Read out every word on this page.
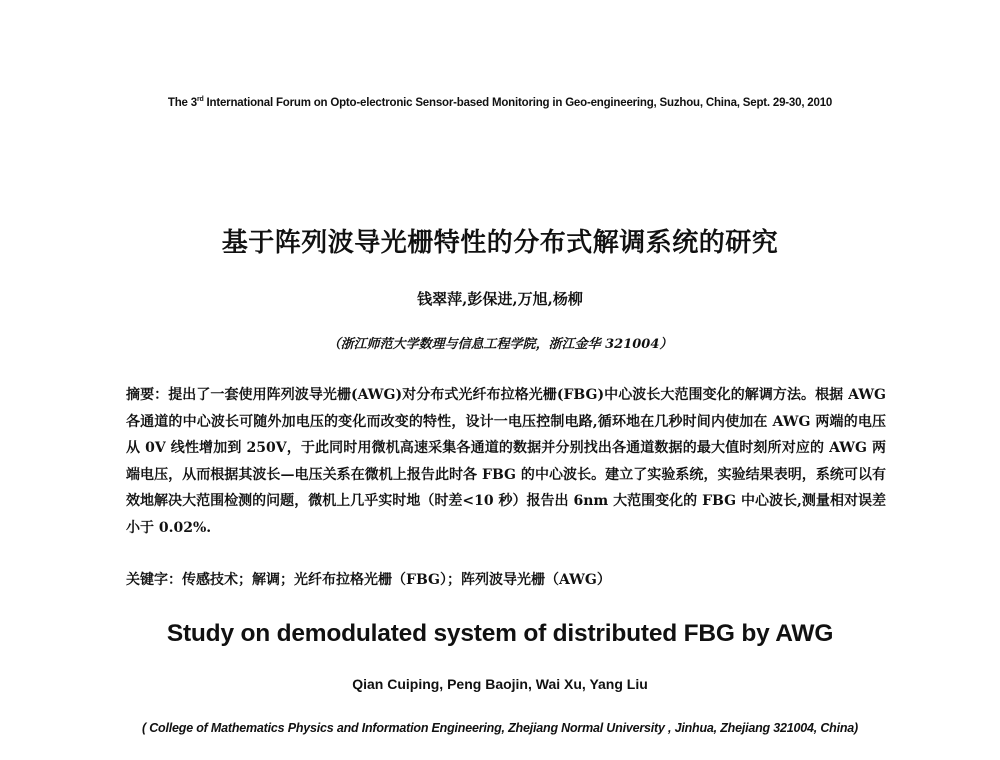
The 3rd International Forum on Opto-electronic Sensor-based Monitoring in Geo-engineering, Suzhou, China, Sept. 29-30, 2010
基于阵列波导光栅特性的分布式解调系统的研究
钱翠萍,彭保进,万旭,杨柳
（浙江师范大学数理与信息工程学院，浙江金华 321004）
摘要：提出了一套使用阵列波导光栅(AWG)对分布式光纤布拉格光栅(FBG)中心波长大范围变化的解调方法。根据 AWG 各通道的中心波长可随外加电压的变化而改变的特性，设计一电压控制电路,循环地在几秒时间内使加在 AWG 两端的电压从 0V 线性增加到 250V，于此同时用微机高速采集各通道的数据并分别找出各通道数据的最大值时刻所对应的 AWG 两端电压，从而根据其波长—电压关系在微机上报告此时各 FBG 的中心波长。建立了实验系统，实验结果表明，系统可以有效地解决大范围检测的问题，微机上几乎实时地（时差<10 秒）报告出 6nm 大范围变化的 FBG 中心波长,测量相对误差小于 0.02%.
关键字：传感技术；解调；光纤布拉格光栅（FBG）；阵列波导光栅（AWG）
Study on demodulated system of distributed FBG by AWG
Qian Cuiping, Peng Baojin, Wai Xu, Yang Liu
( College of Mathematics Physics and Information Engineering, Zhejiang Normal University , Jinhua, Zhejiang 321004, China)
